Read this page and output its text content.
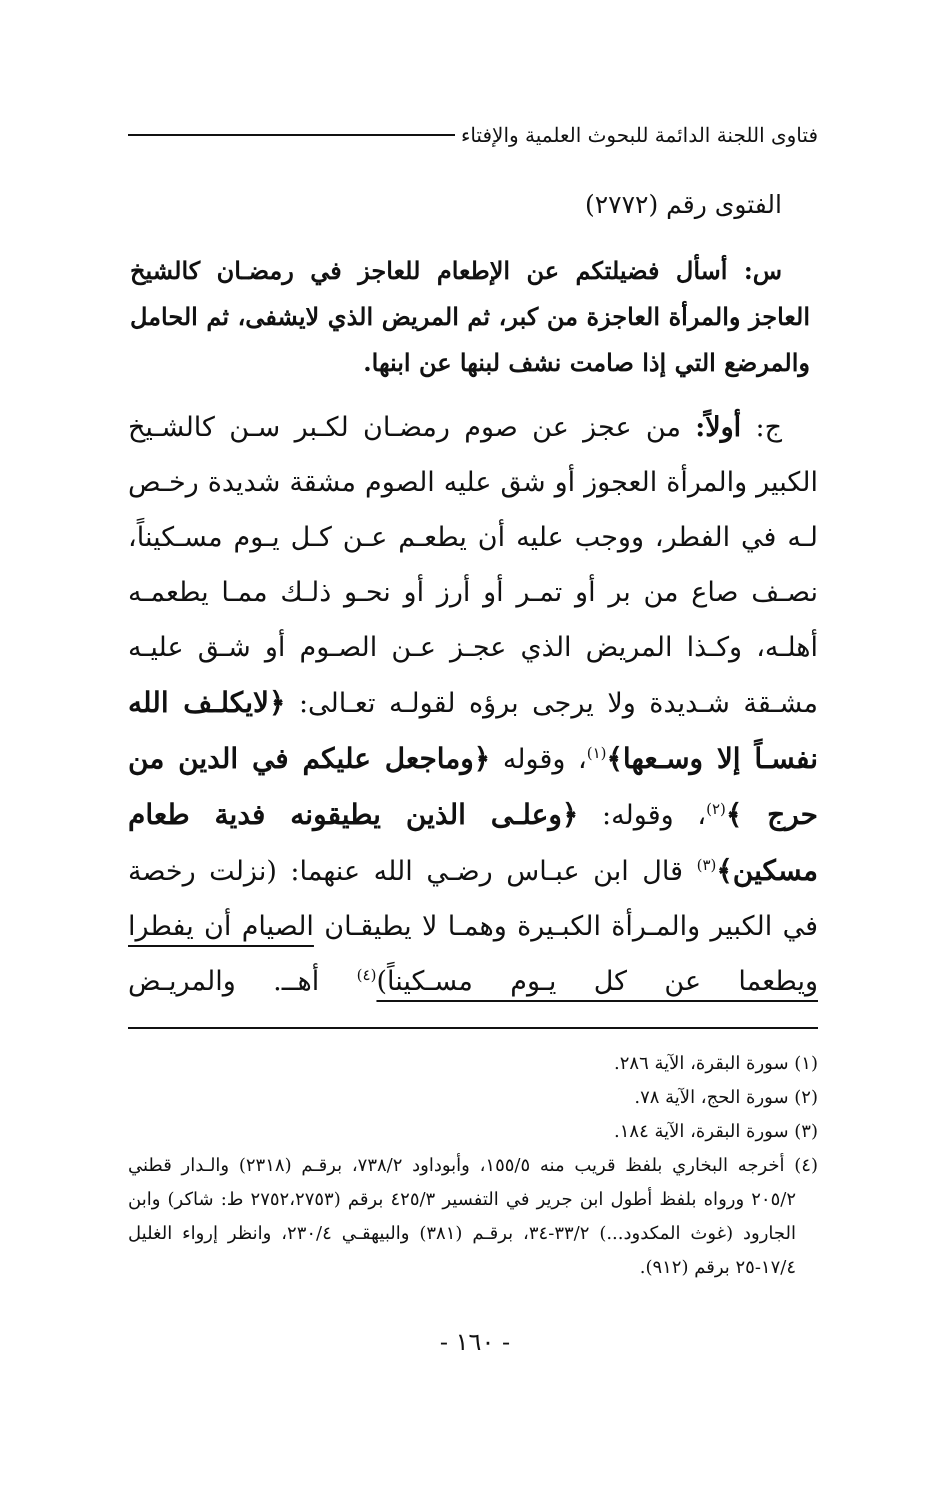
فتاوى اللجنة الدائمة للبحوث العلمية والإفتاء
الفتوى رقم (٢٧٧٢)
س: أسأل فضيلتكم عن الإطعام للعاجز في رمضـان كالشيخ العاجز والمرأة العاجزة من كبر، ثم المريض الذي لايشفى، ثم الحامل والمرضع التي إذا صامت نشف لبنها عن ابنها.
ج: أولاً: من عجز عن صوم رمضـان لكـبر سـن كالشـيخ الكبير والمرأة العجوز أو شق عليه الصوم مشقة شديدة رخـص لـه في الفطر، ووجب عليه أن يطعـم عـن كـل يـوم مسـكيناً، نصـف صاع من بر أو تمـر أو أرز أو نحـو ذلـك ممـا يطعمـه أهلـه، وكـذا المريض الذي عجـز عـن الصـوم أو شـق عليـه مشـقة شـديدة ولا يرجى برؤه لقولـه تعـالى: ﴿لايكلـف الله نفسـاً إلا وسـعها﴾$^{(١)}$، وقوله ﴿وماجعل عليكم في الدين من حرج ﴾$^{(٢)}$، وقوله: ﴿وعلـى الذين يطيقونه فدية طعام مسكين﴾$^{(٣)}$ قال ابن عبـاس رضـي الله عنهما: (نزلت رخصة في الكبير والمـرأة الكبـيرة وهمـا لا يطيقـان الصيام أن يفطرا ويطعما عن كل يـوم مسـكيناً)$^{(٤)}$ أهــ. والمريـض
(١) سورة البقرة، الآية ٢٨٦.
(٢) سورة الحج، الآية ٧٨.
(٣) سورة البقرة، الآية ١٨٤.
(٤) أخرجه البخاري بلفظ قريب منه ١٥٥/٥، وأبوداود ٧٣٨/٢، برقـم (٢٣١٨) والـدار قطني ٢٠٥/٢ ورواه بلفظ أطول ابن جرير في التفسير ٤٢٥/٣ برقم (٢٧٥٢،٢٧٥٣ ط: شاكر) وابن الجارود (غوث المكدود...) ٣٣/٢-٣٤، برقـم (٣٨١) والبيهقـي ٢٣٠/٤، وانظر إرواء الغليل ١٧/٤-٢٥ برقم (٩١٢).
- ١٦٠ -
